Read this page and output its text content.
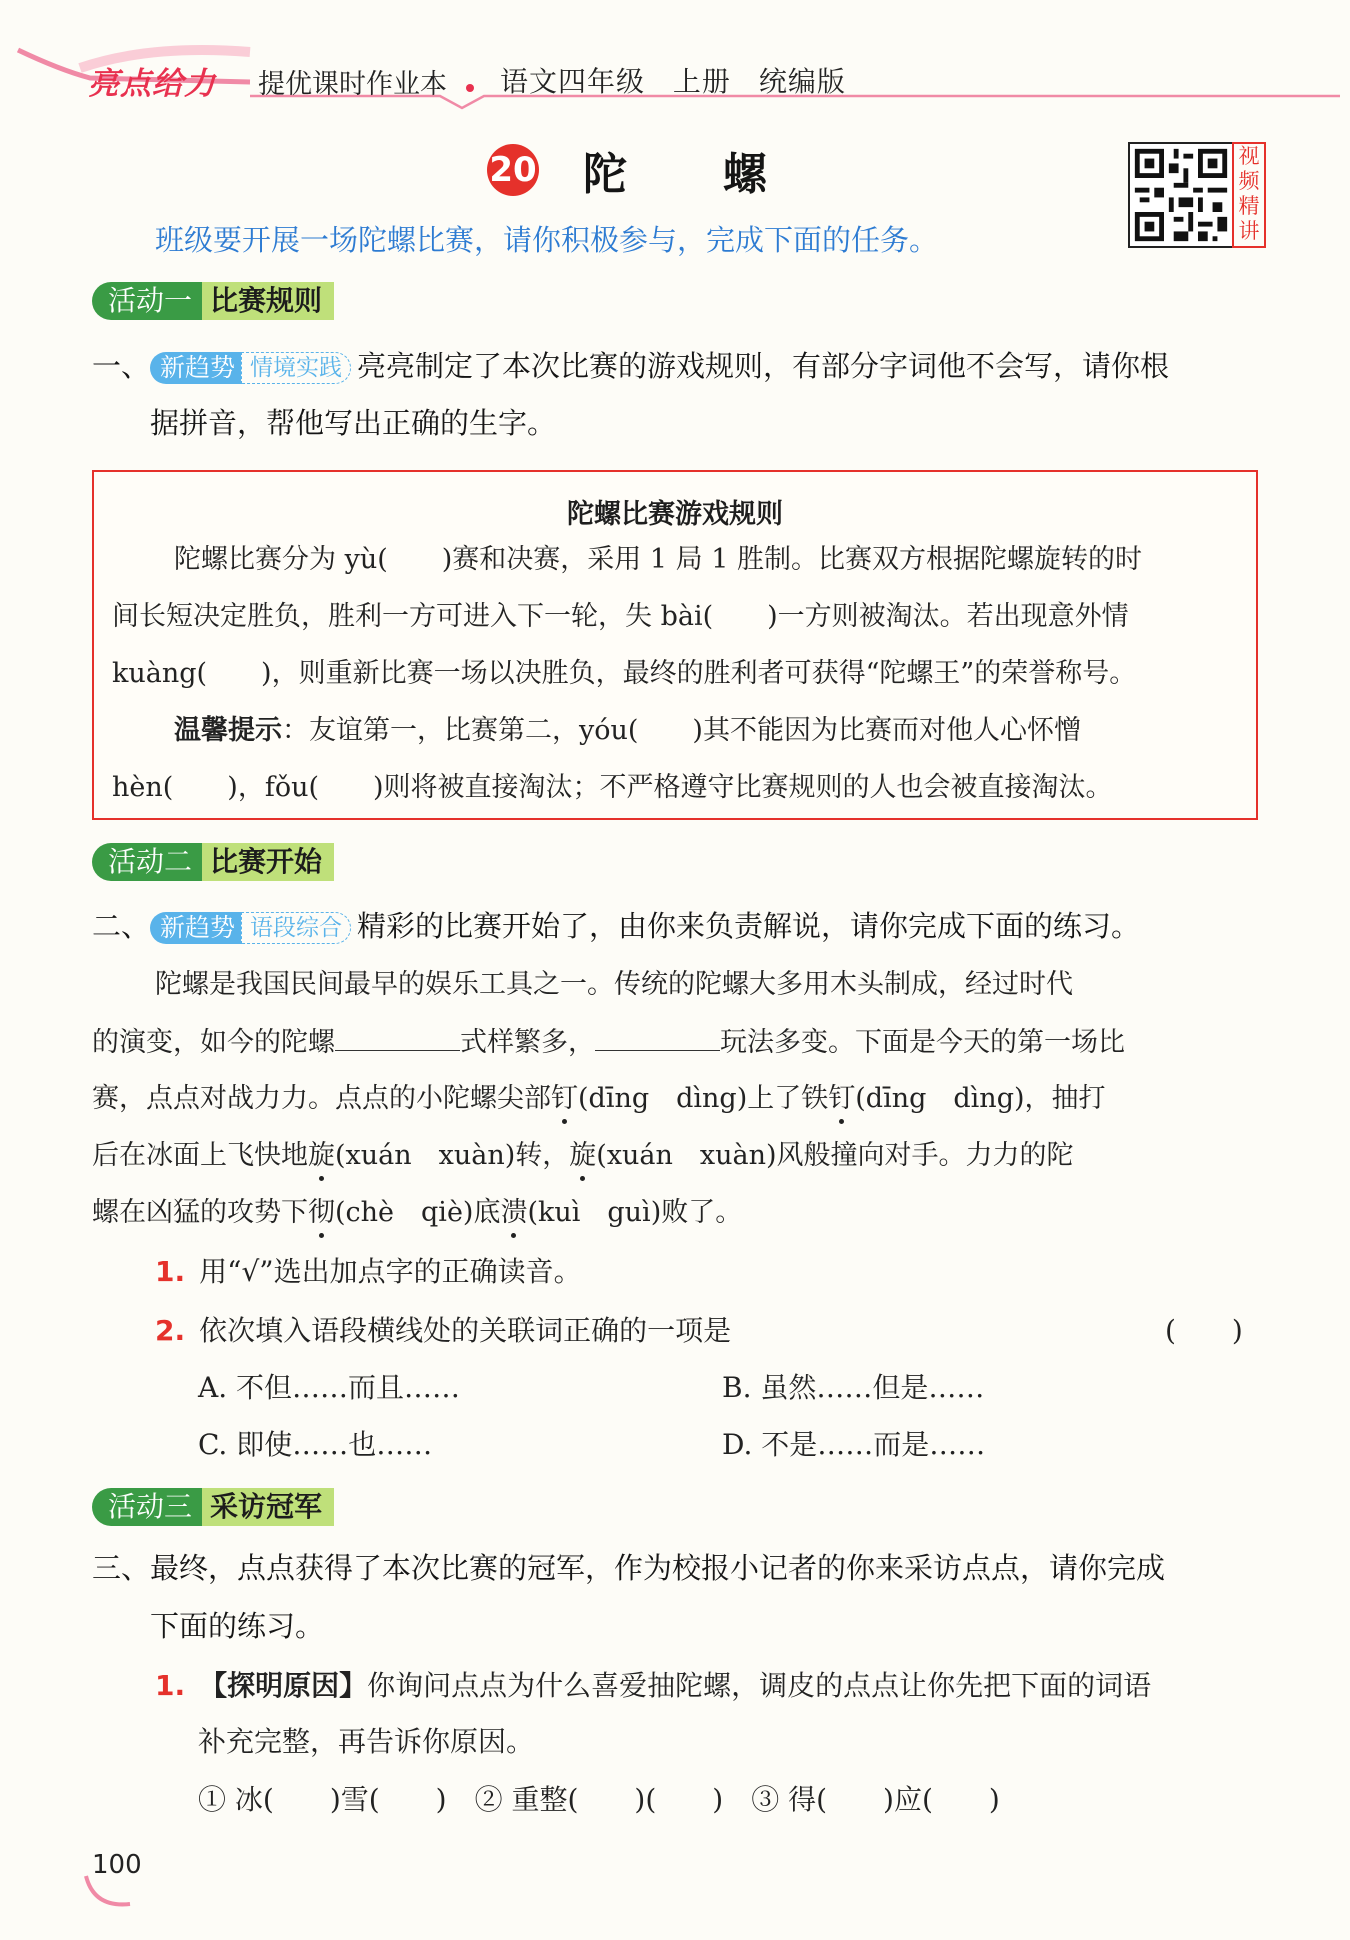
亮点给力 提优课时作业本 语文四年级 上册 统编版
20 陀螺	视频精讲
班级要开展一场陀螺比赛，请你积极参与，完成下面的任务。
活动一 比赛规则
一、 新趋势 情境实践 亮亮制定了本次比赛的游戏规则，有部分字词他不会写，请你根
据拼音，帮他写出正确的生字。
陀螺比赛游戏规则
陀螺比赛分为 yù(　　)赛和决赛，采用 1 局 1 胜制。比赛双方根据陀螺旋转的时
间长短决定胜负，胜利一方可进入下一轮，失 bài(　　)一方则被淘汰。若出现意外情
kuàng(　　)，则重新比赛一场以决胜负，最终的胜利者可获得“陀螺王”的荣誉称号。
温馨提示：友谊第一，比赛第二，yóu(　　)其不能因为比赛而对他人心怀憎
hèn(　　)，fǒu(　　)则将被直接淘汰；不严格遵守比赛规则的人也会被直接淘汰。
活动二 比赛开始
二、 新趋势 语段综合 精彩的比赛开始了，由你来负责解说，请你完成下面的练习。
陀螺是我国民间最早的娱乐工具之一。传统的陀螺大多用木头制成，经过时代
的演变，如今的陀螺	式样繁多，	玩法多变。下面是今天的第一场比
赛，点点对战力力。点点的小陀螺尖部钉(dīng　dìng)上了铁钉(dīng　dìng)，抽打
后在冰面上飞快地旋(xuán　xuàn)转，旋(xuán　xuàn)风般撞向对手。力力的陀
螺在凶猛的攻势下彻(chè　qiè)底溃(kuì　guì)败了。
1. 用“√”选出加点字的正确读音。
2. 依次填入语段横线处的关联词正确的一项是	(　　)
A. 不但……而且……	B. 虽然……但是……
C. 即使……也……	D. 不是……而是……
活动三 采访冠军
三、最终，点点获得了本次比赛的冠军，作为校报小记者的你来采访点点，请你完成
下面的练习。
1. 【探明原因】你询问点点为什么喜爱抽陀螺，调皮的点点让你先把下面的词语
补充完整，再告诉你原因。
① 冰(　　)雪(　　)　② 重整(　　)(　　)　③ 得(　　)应(　　)
100
